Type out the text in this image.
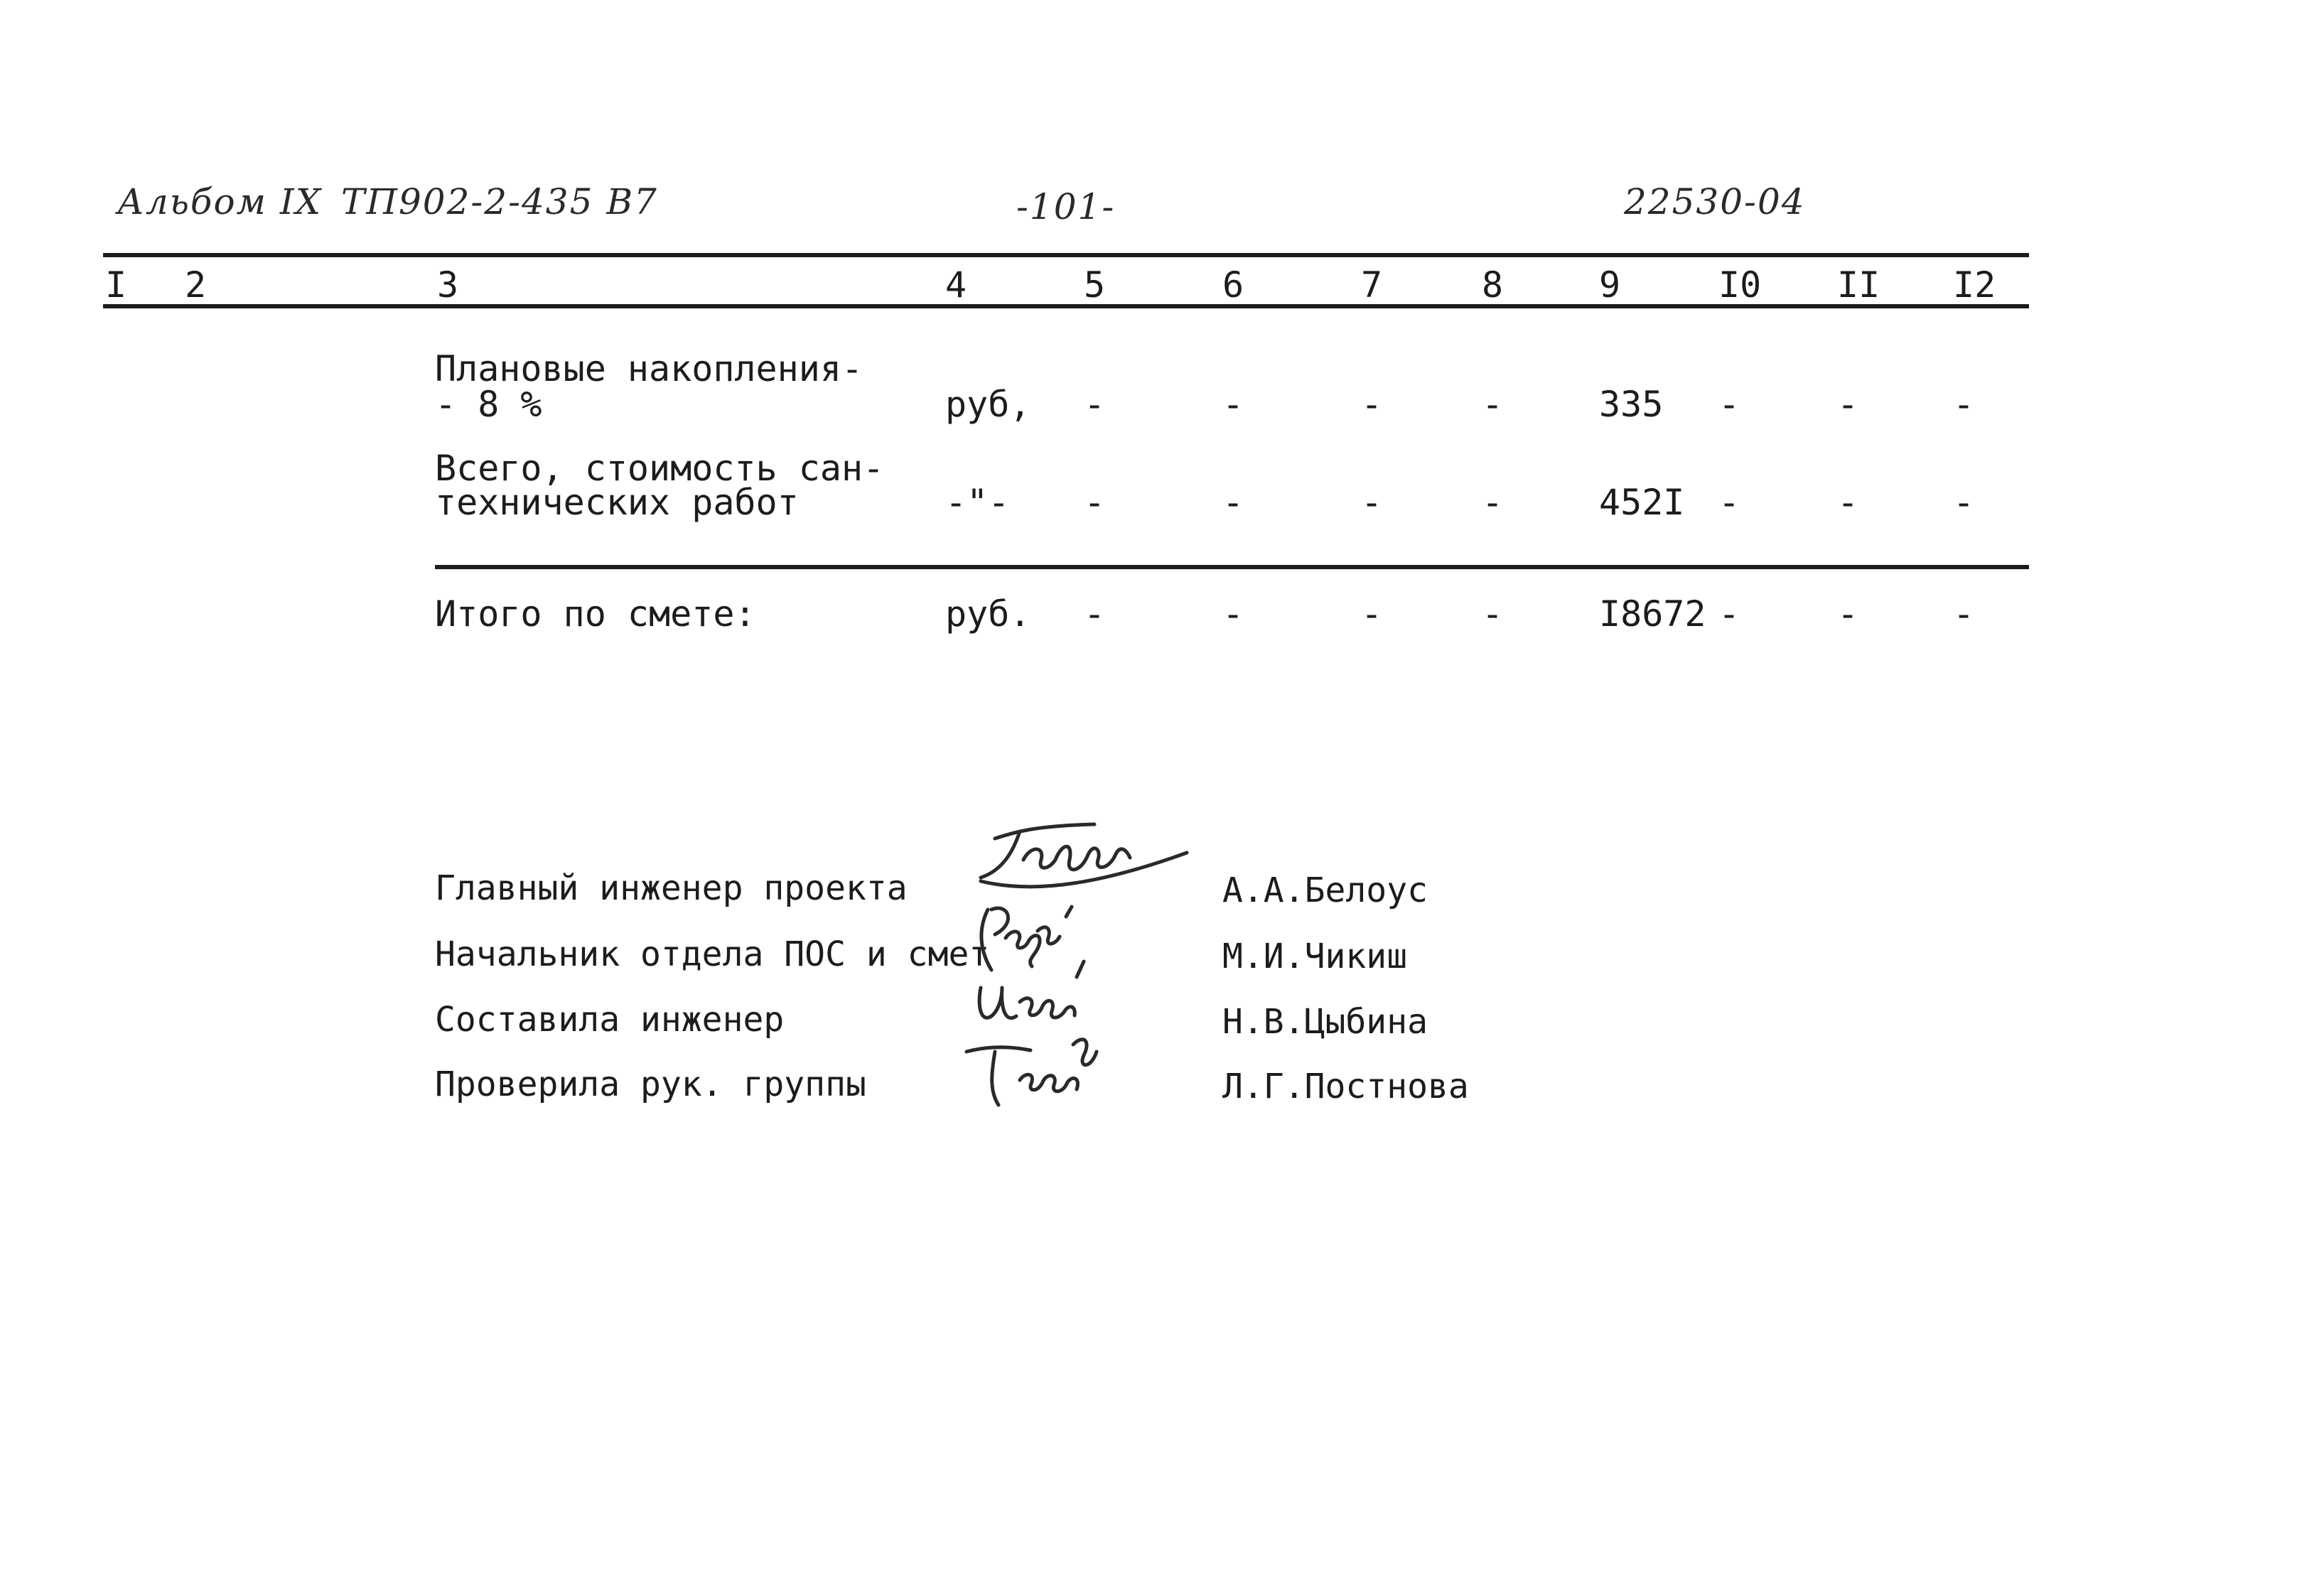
Альбом IX ТП902-2-435 В7	-101-	22530-04
I 2	3	4	5	6	7	8	9	I0 II I2
Плановые накопления-
- 8 %	руб, -	-	-	-	335 -	-	-
Всего, стоимость сан-
технических работ	-"- -	-	-	-	452I -	-	-
Итого по смете:	руб. -	-	-	-	I8672 -	-	-
Главный инженер проекта	А.А.Белоус
Начальник отдела ПОС и смет	М.И.Чикиш
Составила инженер	Н.В.Цыбина
Проверила рук. группы	Л.Г.Постнова
